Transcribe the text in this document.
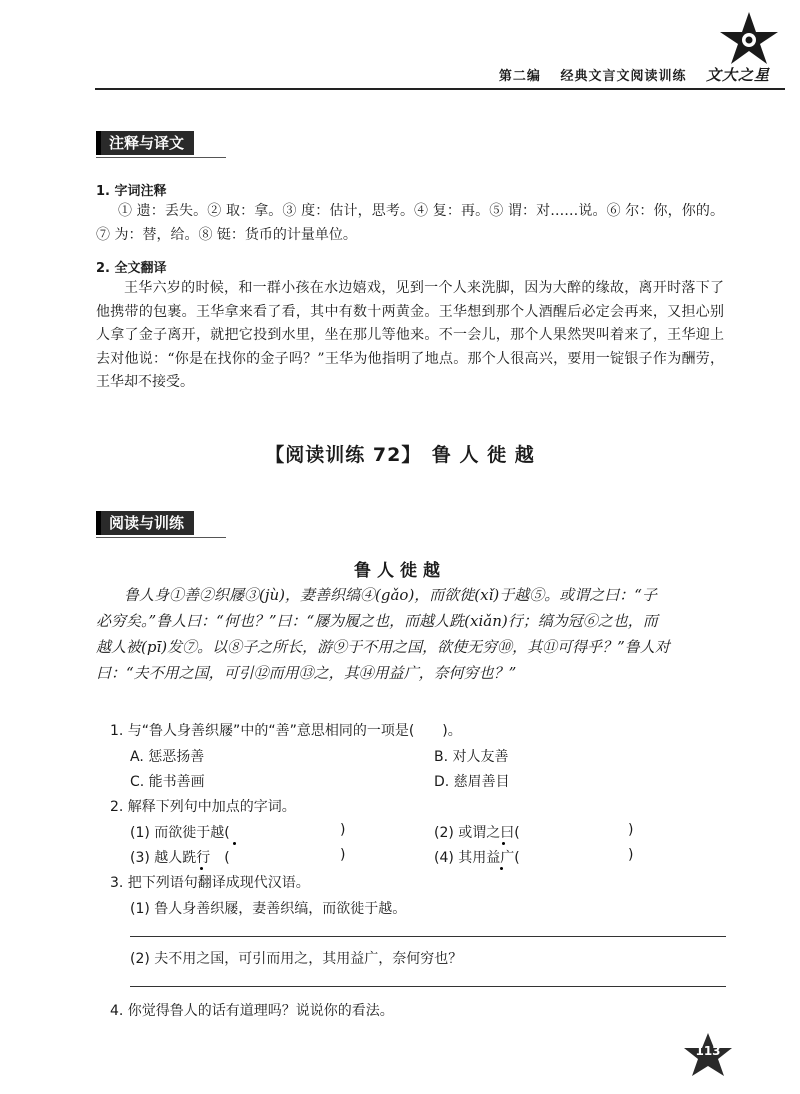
第二编 经典文言文阅读训练 文大之星
注释与译文
1. 字词注释
① 遗：丢失。② 取：拿。③ 度：估计，思考。④ 复：再。⑤ 谓：对……说。⑥ 尔：你，你的。⑦ 为：替，给。⑧ 铤：货币的计量单位。
2. 全文翻译
王华六岁的时候，和一群小孩在水边嬉戏，见到一个人来洗脚，因为大醉的缘故，离开时落下了他携带的包裹。王华拿来看了看，其中有数十两黄金。王华想到那个人酒醒后必定会再来，又担心别人拿了金子离开，就把它投到水里，坐在那儿等他来。不一会儿，那个人果然哭叫着来了，王华迎上去对他说：“你是在找你的金子吗？”王华为他指明了地点。那个人很高兴，要用一锭银子作为酬劳，王华却不接受。
【阅读训练 72】　鲁 人 徙 越
阅读与训练
鲁人徙越
鲁人身①善②织屦③(jù)，妻善织缟④(gǎo)，而欲徙(xǐ)于越⑤。或谓之曰：“子
必穷矣。”鲁人曰：“何也？”曰：“屦为履之也，而越人跣(xiǎn)行；缟为冠⑥之也，而
越人被(pī)发⑦。以⑧子之所长，游⑨于不用之国，欲使无穷⑩，其⑪可得乎？”鲁人对
曰：“夫不用之国，可引⑫而用⑬之，其⑭用益广，奈何穷也？”
1. 与“鲁人身善织屦”中的“善”意思相同的一项是(　　)。
A. 惩恶扬善	B. 对人友善
C. 能书善画	D. 慈眉善目
2. 解释下列句中加点的字词。
(1) 而欲徙于越(	)	(2) 或谓之曰(	)
(3) 越人跣行　(	)	(4) 其用益广(	)
3. 把下列语句翻译成现代汉语。
(1) 鲁人身善织屦，妻善织缟，而欲徙于越。
(2) 夫不用之国，可引而用之，其用益广，奈何穷也？
4. 你觉得鲁人的话有道理吗？说说你的看法。
113
